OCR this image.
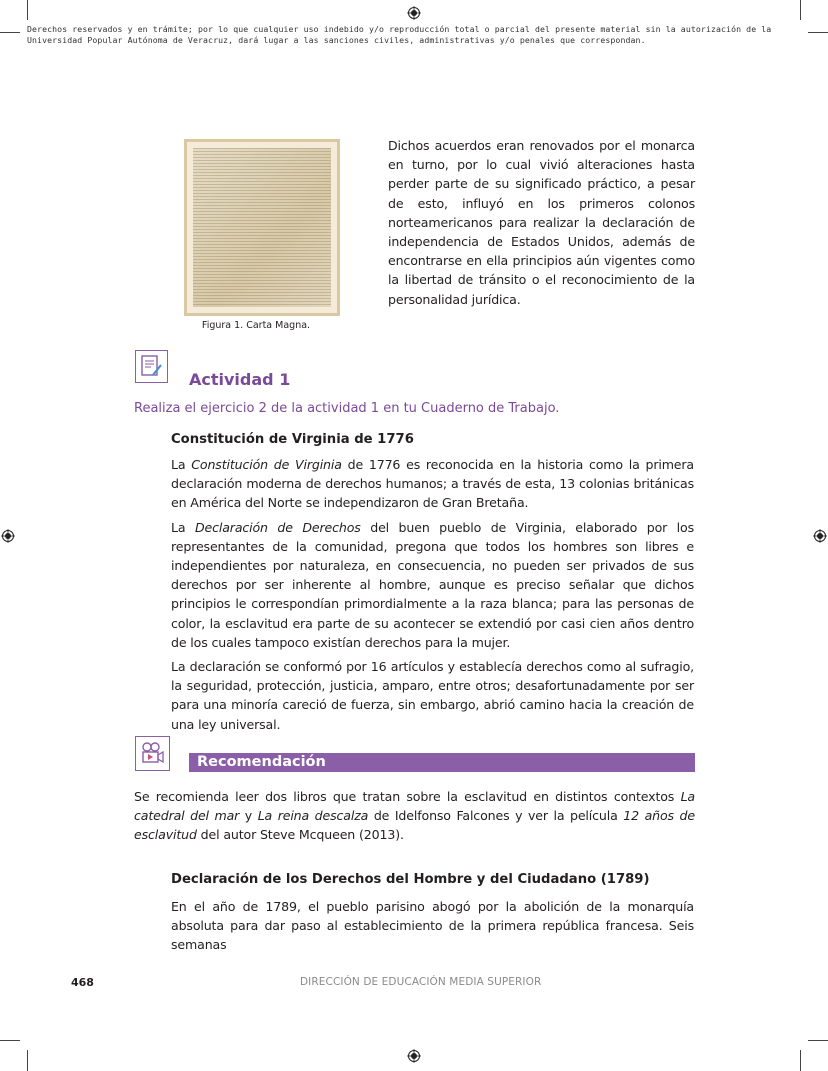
Derechos reservados y en trámite; por lo que cualquier uso indebido y/o reproducción total o parcial del presente material sin la autorización de la
Universidad Popular Autónoma de Veracruz, dará lugar a las sanciones civiles, administrativas y/o penales que correspondan.
Figura 1. Carta Magna.

Dichos acuerdos eran renovados por el monarca en turno, por lo cual vivió alteraciones hasta perder parte de su significado práctico, a pesar de esto, influyó en los primeros colonos norteamericanos para realizar la declaración de independencia de Estados Unidos, además de encontrarse en ella principios aún vigentes como la libertad de tránsito o el reconocimiento de la personalidad jurídica.

Actividad 1
Realiza el ejercicio 2 de la actividad 1 en tu Cuaderno de Trabajo.
Constitución de Virginia de 1776

La Constitución de Virginia de 1776 es reconocida en la historia como la primera declaración moderna de derechos humanos; a través de esta, 13 colonias británicas en América del Norte se independizaron de Gran Bretaña.

La Declaración de Derechos del buen pueblo de Virginia, elaborado por los representantes de la comunidad, pregona que todos los hombres son libres e independientes por naturaleza, en consecuencia, no pueden ser privados de sus derechos por ser inherente al hombre, aunque es preciso señalar que dichos principios le correspondían primordialmente a la raza blanca; para las personas de color, la esclavitud era parte de su acontecer se extendió por casi cien años dentro de los cuales tampoco existían derechos para la mujer.

La declaración se conformó por 16 artículos y establecía derechos como al sufragio, la seguridad, protección, justicia, amparo, entre otros; desafortunadamente por ser para una minoría careció de fuerza, sin embargo, abrió camino hacia la creación de una ley universal.

Recomendación

Se recomienda leer dos libros que tratan sobre la esclavitud en distintos contextos La catedral del mar y La reina descalza de Idelfonso Falcones y ver la película 12 años de esclavitud del autor Steve Mcqueen (2013).

Declaración de los Derechos del Hombre y del Ciudadano (1789)

En el año de 1789, el pueblo parisino abogó por la abolición de la monarquía absoluta para dar paso al establecimiento de la primera república francesa. Seis semanas

468	DIRECCIÓN DE EDUCACIÓN MEDIA SUPERIOR
